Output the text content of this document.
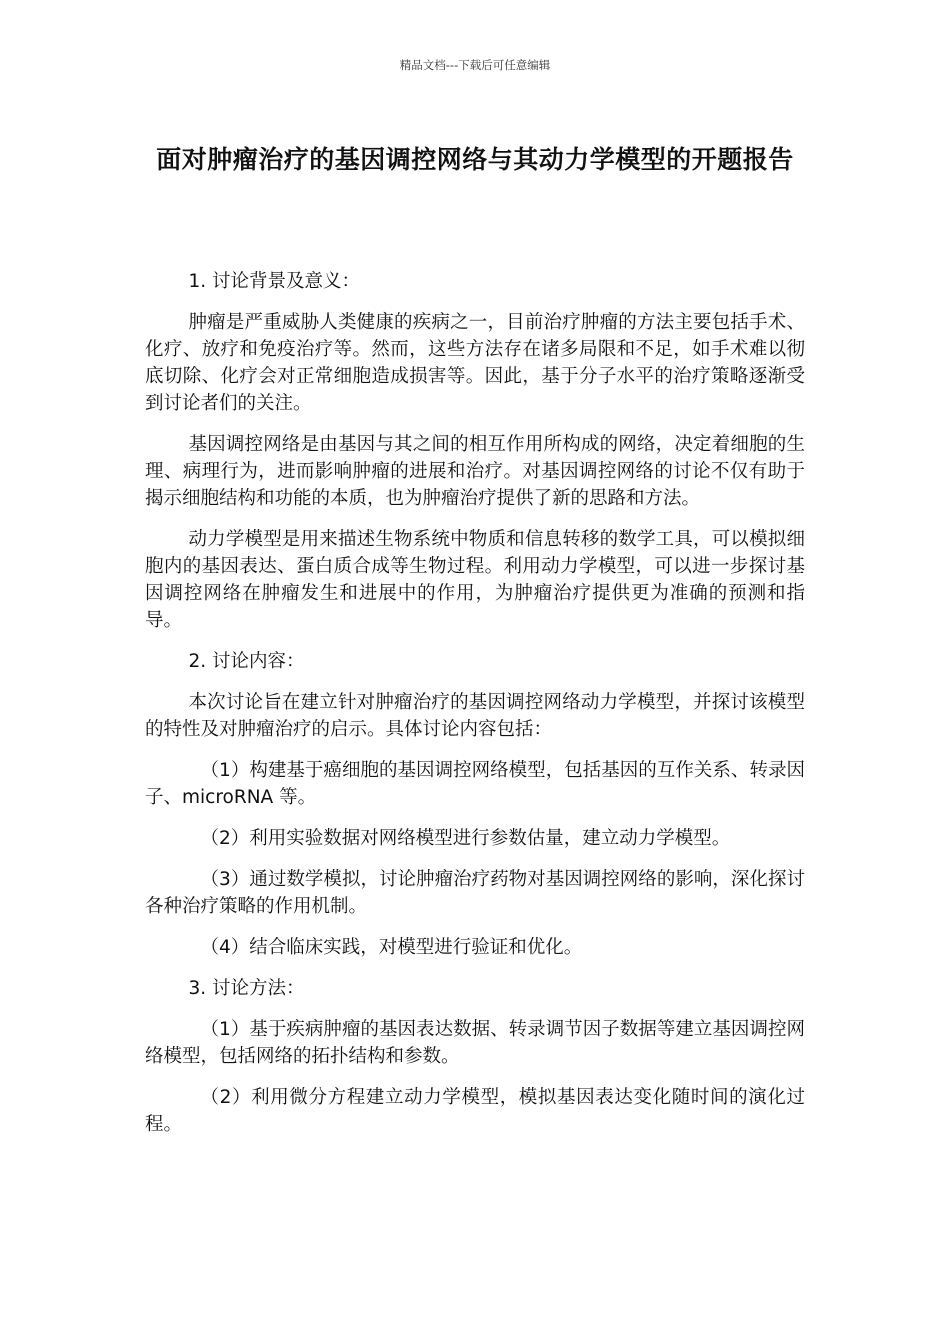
精品文档---下载后可任意编辑
面对肿瘤治疗的基因调控网络与其动力学模型的开题报告

1. 讨论背景及意义：

肿瘤是严重威胁人类健康的疾病之一，目前治疗肿瘤的方法主要包括手术、化疗、放疗和免疫治疗等。然而，这些方法存在诸多局限和不足，如手术难以彻底切除、化疗会对正常细胞造成损害等。因此，基于分子水平的治疗策略逐渐受到讨论者们的关注。

基因调控网络是由基因与其之间的相互作用所构成的网络，决定着细胞的生理、病理行为，进而影响肿瘤的进展和治疗。对基因调控网络的讨论不仅有助于揭示细胞结构和功能的本质，也为肿瘤治疗提供了新的思路和方法。

动力学模型是用来描述生物系统中物质和信息转移的数学工具，可以模拟细胞内的基因表达、蛋白质合成等生物过程。利用动力学模型，可以进一步探讨基因调控网络在肿瘤发生和进展中的作用，为肿瘤治疗提供更为准确的预测和指导。

2. 讨论内容：

本次讨论旨在建立针对肿瘤治疗的基因调控网络动力学模型，并探讨该模型的特性及对肿瘤治疗的启示。具体讨论内容包括：

（1）构建基于癌细胞的基因调控网络模型，包括基因的互作关系、转录因子、microRNA 等。

（2）利用实验数据对网络模型进行参数估量，建立动力学模型。

（3）通过数学模拟，讨论肿瘤治疗药物对基因调控网络的影响，深化探讨各种治疗策略的作用机制。

（4）结合临床实践，对模型进行验证和优化。

3. 讨论方法：

（1）基于疾病肿瘤的基因表达数据、转录调节因子数据等建立基因调控网络模型，包括网络的拓扑结构和参数。

（2）利用微分方程建立动力学模型，模拟基因表达变化随时间的演化过程。
